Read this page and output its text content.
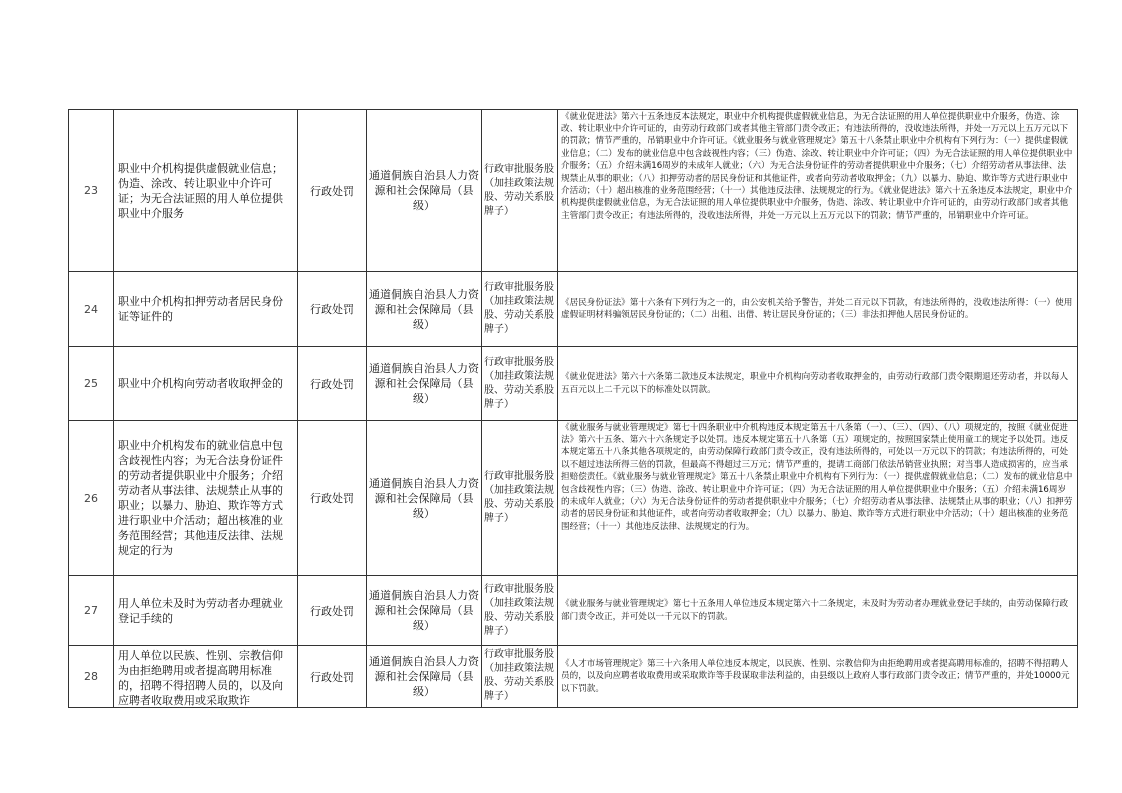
23	职业中介机构提供虚假就业信息；伪造、涂改、转让职业中介许可证；为无合法证照的用人单位提供职业中介服务	行政处罚	通道侗族自治县人力资源和社会保障局（县级）	行政审批服务股（加挂政策法规股、劳动关系股牌子）	《就业促进法》第六十五条违反本法规定，职业中介机构提供虚假就业信息，为无合法证照的用人单位提供职业中介服务，伪造、涂改、转让职业中介许可证的，由劳动行政部门或者其他主管部门责令改正；有违法所得的，没收违法所得，并处一万元以上五万元以下的罚款；情节严重的，吊销职业中介许可证。《就业服务与就业管理规定》第五十八条禁止职业中介机构有下列行为：（一）提供虚假就业信息；（二）发布的就业信息中包含歧视性内容；（三）伪造、涂改、转让职业中介许可证；（四）为无合法证照的用人单位提供职业中介服务；（五）介绍未满16周岁的未成年人就业；（六）为无合法身份证件的劳动者提供职业中介服务；（七）介绍劳动者从事法律、法规禁止从事的职业；（八）扣押劳动者的居民身份证和其他证件，或者向劳动者收取押金；（九）以暴力、胁迫、欺诈等方式进行职业中介活动；（十）超出核准的业务范围经营；（十一）其他违反法律、法规规定的行为。《就业促进法》第六十五条违反本法规定，职业中介机构提供虚假就业信息，为无合法证照的用人单位提供职业中介服务，伪造、涂改、转让职业中介许可证的，由劳动行政部门或者其他主管部门责令改正；有违法所得的，没收违法所得，并处一万元以上五万元以下的罚款；情节严重的，吊销职业中介许可证。

24	职业中介机构扣押劳动者居民身份证等证件的	行政处罚	通道侗族自治县人力资源和社会保障局（县级）	行政审批服务股（加挂政策法规股、劳动关系股牌子）	《居民身份证法》第十六条有下列行为之一的，由公安机关给予警告，并处二百元以下罚款，有违法所得的，没收违法所得：（一）使用虚假证明材料骗领居民身份证的；（二）出租、出借、转让居民身份证的；（三）非法扣押他人居民身份证的。
25	职业中介机构向劳动者收取押金的	行政处罚	通道侗族自治县人力资源和社会保障局（县级）	行政审批服务股（加挂政策法规股、劳动关系股牌子）	《就业促进法》第六十六条第二款违反本法规定，职业中介机构向劳动者收取押金的，由劳动行政部门责令限期退还劳动者，并以每人五百元以上二千元以下的标准处以罚款。
26	职业中介机构发布的就业信息中包含歧视性内容；为无合法身份证件的劳动者提供职业中介服务；介绍劳动者从事法律、法规禁止从事的职业；以暴力、胁迫、欺诈等方式进行职业中介活动；超出核准的业务范围经营；其他违反法律、法规规定的行为	行政处罚	通道侗族自治县人力资源和社会保障局（县级）	行政审批服务股（加挂政策法规股、劳动关系股牌子）	《就业服务与就业管理规定》第七十四条职业中介机构违反本规定第五十八条第（一）、（三）、（四）、（八）项规定的，按照《就业促进法》第六十五条、第六十六条规定予以处罚。违反本规定第五十八条第（五）项规定的，按照国家禁止使用童工的规定予以处罚。违反本规定第五十八条其他各项规定的，由劳动保障行政部门责令改正，没有违法所得的，可处以一万元以下的罚款；有违法所得的，可处以不超过违法所得三倍的罚款，但最高不得超过三万元；情节严重的，提请工商部门依法吊销营业执照；对当事人造成损害的，应当承担赔偿责任。《就业服务与就业管理规定》第五十八条禁止职业中介机构有下列行为：（一）提供虚假就业信息；（二）发布的就业信息中包含歧视性内容；（三）伪造、涂改、转让职业中介许可证；（四）为无合法证照的用人单位提供职业中介服务；（五）介绍未满16周岁的未成年人就业；（六）为无合法身份证件的劳动者提供职业中介服务；（七）介绍劳动者从事法律、法规禁止从事的职业；（八）扣押劳动者的居民身份证和其他证件，或者向劳动者收取押金；（九）以暴力、胁迫、欺诈等方式进行职业中介活动；（十）超出核准的业务范围经营；（十一）其他违反法律、法规规定的行为。

27	用人单位未及时为劳动者办理就业登记手续的	行政处罚	通道侗族自治县人力资源和社会保障局（县级）	行政审批服务股（加挂政策法规股、劳动关系股牌子）	《就业服务与就业管理规定》第七十五条用人单位违反本规定第六十二条规定，未及时为劳动者办理就业登记手续的，由劳动保障行政部门责令改正，并可处以一千元以下的罚款。
28	用人单位以民族、性别、宗教信仰为由拒绝聘用或者提高聘用标准的，招聘不得招聘人员的，以及向应聘者收取费用或采取欺诈	行政处罚	通道侗族自治县人力资源和社会保障局（县级）	行政审批服务股（加挂政策法规股、劳动关系股牌子）	《人才市场管理规定》第三十六条用人单位违反本规定，以民族、性别、宗教信仰为由拒绝聘用或者提高聘用标准的，招聘不得招聘人员的，以及向应聘者收取费用或采取欺诈等手段谋取非法利益的，由县级以上政府人事行政部门责令改正；情节严重的，并处10000元以下罚款。
